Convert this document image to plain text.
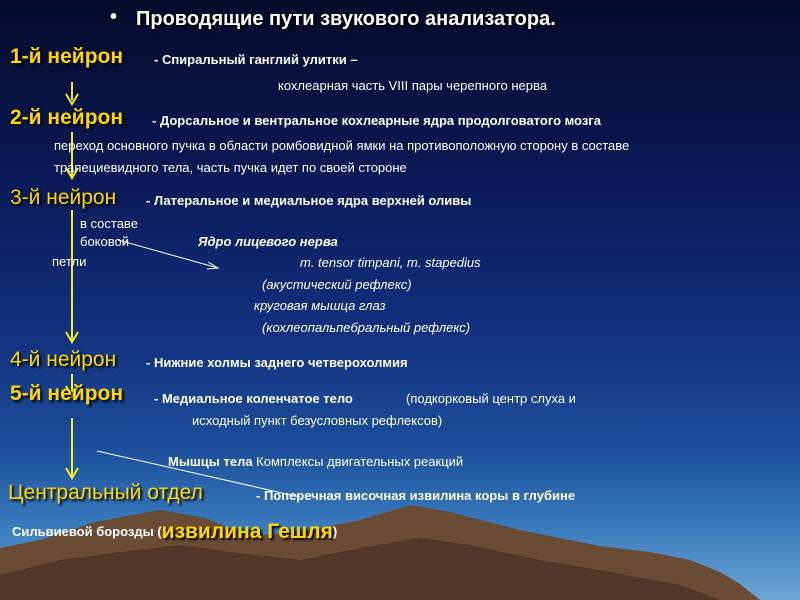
• Проводящие пути звукового анализатора.
1-й нейрон - Спиральный ганглий улитки –
кохлеарная часть VIII пары черепного нерва
2-й нейрон - Дорсальное и вентральное кохлеарные ядра продолговатого мозга
переход основного пучка в области ромбовидной ямки на противоположную сторону в составе
трапециевидного тела, часть пучка идет по своей стороне
3-й нейрон - Латеральное и медиальное ядра верхней оливы
в составе
боковой
петли
Ядро лицевого нерва
m. tensor timpani, m. stapedius
(акустический рефлекс)
круговая мышца глаз
(кохлеопальпебральный рефлекс)
4-й нейрон - Нижние холмы заднего четверохолмия
5-й нейрон - Медиальное коленчатое тело	(подкорковый центр слуха и
исходный пункт безусловных рефлексов)
Мышцы тела Комплексы двигательных реакций
Центральный отдел	- Поперечная височная извилина коры в глубине
Сильвиевой борозды (извилина Гешля)
